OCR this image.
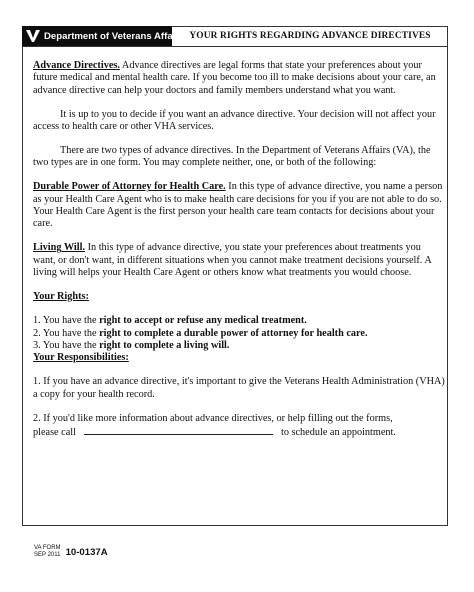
Department of Veterans Affairs YOUR RIGHTS REGARDING ADVANCE DIRECTIVES

Advance Directives. Advance directives are legal forms that state your preferences about your future medical and mental health care. If you become too ill to make decisions about your care, an advance directive can help your doctors and family members understand what you want.

It is up to you to decide if you want an advance directive. Your decision will not affect your access to health care or other VHA services.

There are two types of advance directives. In the Department of Veterans Affairs (VA), the two types are in one form. You may complete neither, one, or both of the following:

Durable Power of Attorney for Health Care. In this type of advance directive, you name a person as your Health Care Agent who is to make health care decisions for you if you are not able to do so. Your Health Care Agent is the first person your health care team contacts for decisions about your care.

Living Will. In this type of advance directive, you state your preferences about treatments you want, or don't want, in different situations when you cannot make treatment decisions yourself. A living will helps your Health Care Agent or others know what treatments you would choose.

Your Rights:

1. You have the right to accept or refuse any medical treatment.
2. You have the right to complete a durable power of attorney for health care.
3. You have the right to complete a living will.

Your Responsibilities:

1. If you have an advance directive, it's important to give the Veterans Health Administration (VHA) a copy for your health record.

2. If you'd like more information about advance directives, or help filling out the forms,
please call	to schedule an appointment.

VA FORM
SEP 2011 10-0137A
